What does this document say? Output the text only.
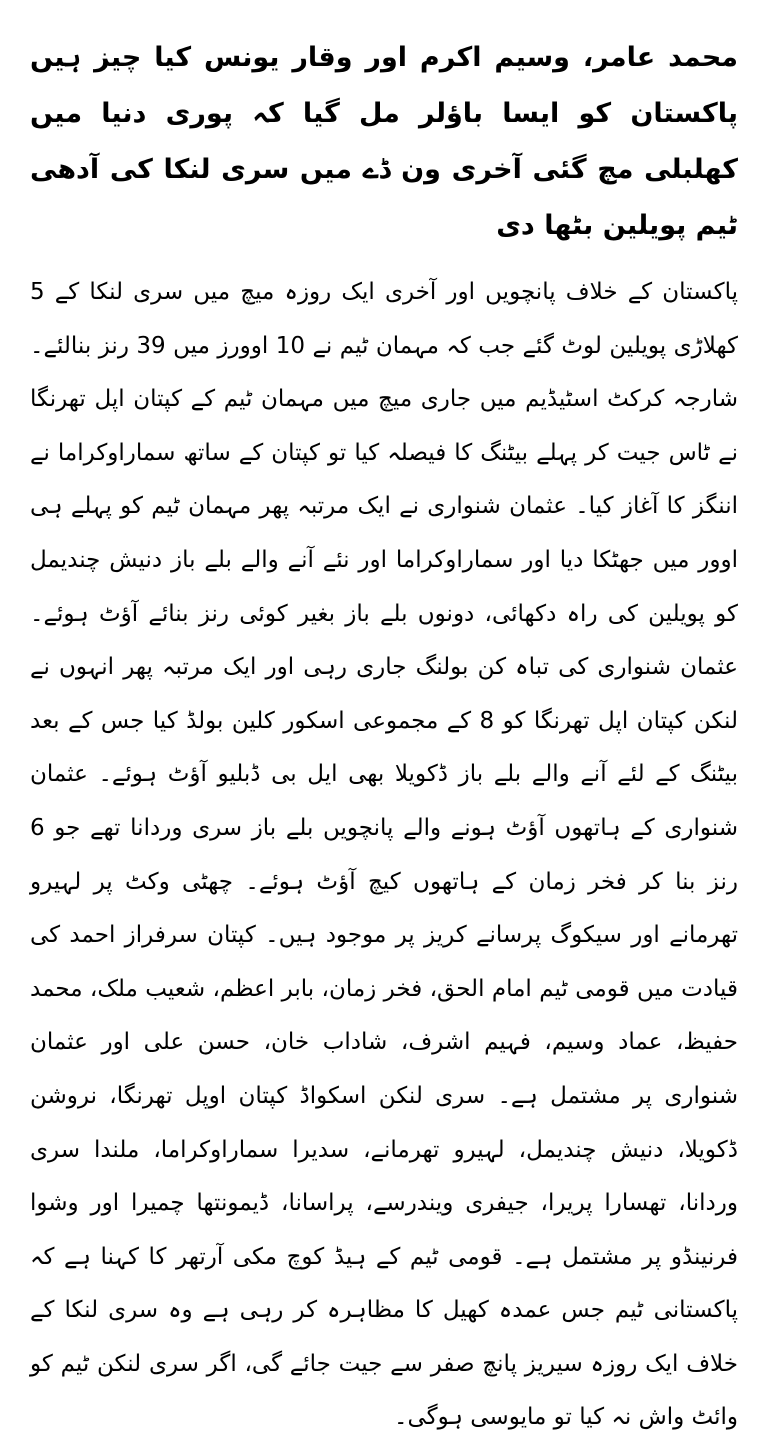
محمد عامر، وسیم اکرم اور وقار یونس کیا چیز ہیں پاکستان کو ایسا باؤلر مل گیا کہ پوری دنیا میں کھلبلی مچ گئی آخری ون ڈے میں سری لنکا کی آدھی ٹیم پویلین بٹھا دی

پاکستان کے خلاف پانچویں اور آخری ایک روزہ میچ میں سری لنکا کے 5 کھلاڑی پویلین لوٹ گئے جب کہ مہمان ٹیم نے 10 اوورز میں 39 رنز بنالئے۔ شارجہ کرکٹ اسٹیڈیم میں جاری میچ میں مہمان ٹیم کے کپتان اپل تھرنگا نے ٹاس جیت کر پہلے بیٹنگ کا فیصلہ کیا تو کپتان کے ساتھ سماراوکراما نے اننگز کا آغاز کیا۔ عثمان شنواری نے ایک مرتبہ پھر مہمان ٹیم کو پہلے ہی اوور میں جھٹکا دیا اور سماراوکراما اور نئے آنے والے بلے باز دنیش چندیمل کو پویلین کی راہ دکھائی، دونوں بلے باز بغیر کوئی رنز بنائے آؤٹ ہوئے۔ عثمان شنواری کی تباہ کن بولنگ جاری رہی اور ایک مرتبہ پھر انہوں نے لنکن کپتان اپل تھرنگا کو 8 کے مجموعی اسکور کلین بولڈ کیا جس کے بعد بیٹنگ کے لئے آنے والے بلے باز ڈکویلا بھی ایل بی ڈبلیو آؤٹ ہوئے۔ عثمان شنواری کے ہاتھوں آؤٹ ہونے والے پانچویں بلے باز سری وردانا تھے جو 6 رنز بنا کر فخر زمان کے ہاتھوں کیچ آؤٹ ہوئے۔ چھٹی وکٹ پر لہیرو تھرمانے اور سیکوگ پرسانے کریز پر موجود ہیں۔ کپتان سرفراز احمد کی قیادت میں قومی ٹیم امام الحق، فخر زمان، بابر اعظم، شعیب ملک، محمد حفیظ، عماد وسیم، فہیم اشرف، شاداب خان، حسن علی اور عثمان شنواری پر مشتمل ہے۔ سری لنکن اسکواڈ کپتان اوپل تھرنگا، نروشن ڈکویلا، دنیش چندیمل، لہیرو تھرمانے، سدیرا سماراوکراما، ملندا سری وردانا، تھسارا پریرا، جیفری ویندرسے، پراسانا، ڈیمونتھا چمیرا اور وشوا فرنینڈو پر مشتمل ہے۔ قومی ٹیم کے ہیڈ کوچ مکی آرتھر کا کہنا ہے کہ پاکستانی ٹیم جس عمدہ کھیل کا مظاہرہ کر رہی ہے وہ سری لنکا کے خلاف ایک روزہ سیریز پانچ صفر سے جیت جائے گی، اگر سری لنکن ٹیم کو وائٹ واش نہ کیا تو مایوسی ہوگی۔
